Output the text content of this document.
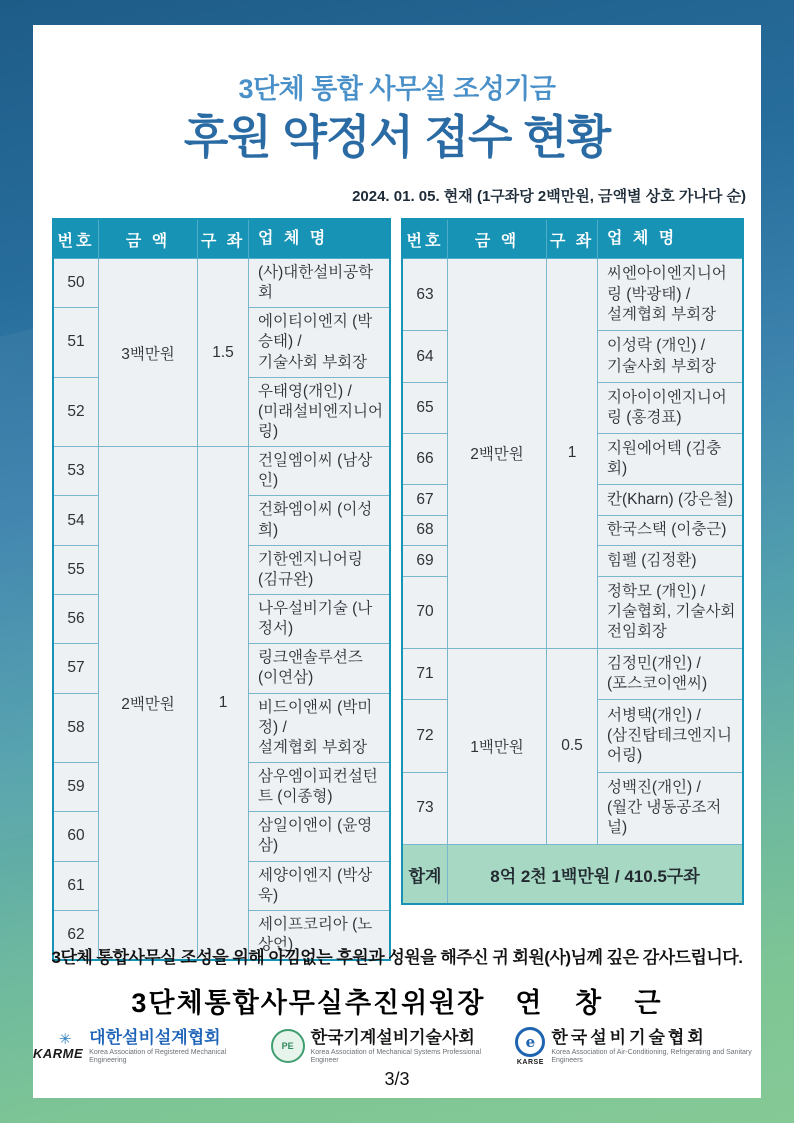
3단체 통합 사무실 조성기금
후원 약정서 접수 현황
2024. 01. 05. 현재 (1구좌당 2백만원, 금액별 상호 가나다 순)
번호	금 액	구 좌	업 체 명
50	3백만원	1.5	(사)대한설비공학회
51			에이티이엔지 (박승태) /
기술사회 부회장
52			우태영(개인) /
(미래설비엔지니어링)
53	2백만원	1	건일엠이씨 (남상인)
54			건화엠이씨 (이성희)
55			기한엔지니어링 (김규완)
56			나우설비기술 (나정서)
57			링크앤솔루션즈 (이연삼)
58			비드이앤씨 (박미정) /
설계협회 부회장
59			삼우엠이피컨설턴트 (이종형)
60			삼일이앤이 (윤영삼)
61			세양이엔지 (박상욱)
62			세이프코리아 (노상언)
번호	금 액	구 좌	업 체 명
63	2백만원	1	씨엔아이엔지니어링 (박광태) /
설계협회 부회장
64			이성락 (개인) /
기술사회 부회장
65			지아이이엔지니어링 (홍경표)
66			지원에어텍 (김충회)
67			칸(Kharn) (강은철)
68			한국스택 (이충근)
69			힘펠 (김정환)
70			정학모 (개인) /
기술협회, 기술사회 전임회장
71	1백만원	0.5	김정민(개인) /
(포스코이앤씨)
72			서병택(개인) /
(삼진탑테크엔지니어링)
73			성백진(개인) /
(월간 냉동공조저널)
합계	8억 2천 1백만원 / 410.5구좌		
3단체 통합사무실 조성을 위해 아낌없는 후원과 성원을 해주신 귀 회원(사)님께 깊은 감사드립니다.
3단체통합사무실추진위원장 연 창 근
✳
KARME
대한설비설계협회
Korea Association of Registered Mechanical Engineering
PE	한국기계설비기술사회
Korea Association of Mechanical Systems Professional Engineer
e
KARSE
한국설비기술협회
Korea Association of Air-Conditioning, Refrigerating and Sanitary Engineers
3/3
